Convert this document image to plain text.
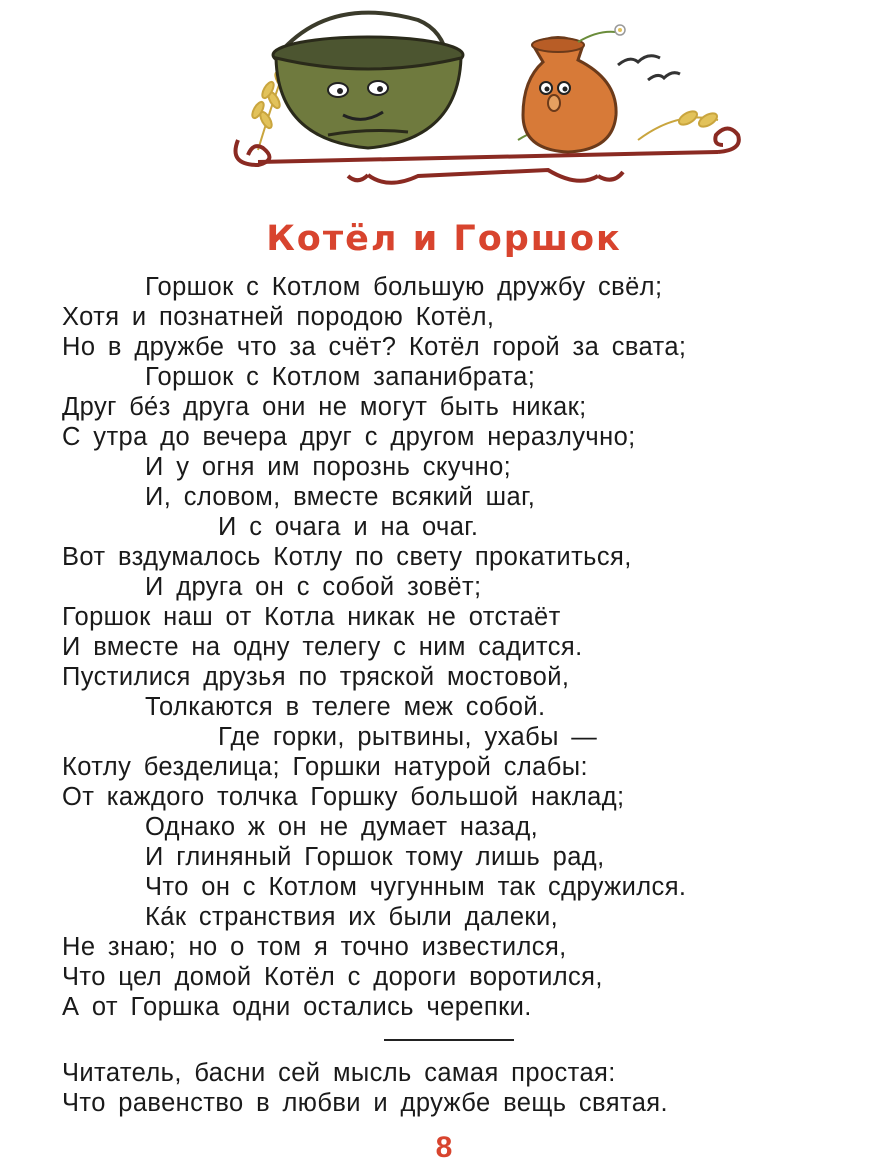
Котёл и Горшок
Горшок с Котлом большую дружбу свёл;
Хотя и познатней породою Котёл,
Но в дружбе что за счёт? Котёл горой за свата;
Горшок с Котлом запанибрата;
Друг бе́з друга они не могут быть никак;
С утра до вечера друг с другом неразлучно;
И у огня им порознь скучно;
И, словом, вместе всякий шаг,
И с очага и на очаг.
Вот вздумалось Котлу по свету прокатиться,
И друга он с собой зовёт;
Горшок наш от Котла никак не отстаёт
И вместе на одну телегу с ним садится.
Пустилися друзья по тряской мостовой,
Толкаются в телеге меж собой.
Где горки, рытвины, ухабы —
Котлу безделица; Горшки натурой слабы:
От каждого толчка Горшку большой наклад;
Однако ж он не думает назад,
И глиняный Горшок тому лишь рад,
Что он с Котлом чугунным так сдружился.
Ка́к странствия их были далеки,
Не знаю; но о том я точно известился,
Что цел домой Котёл с дороги воротился,
А от Горшка одни остались черепки.
Читатель, басни сей мысль самая простая:
Что равенство в любви и дружбе вещь святая.
8
